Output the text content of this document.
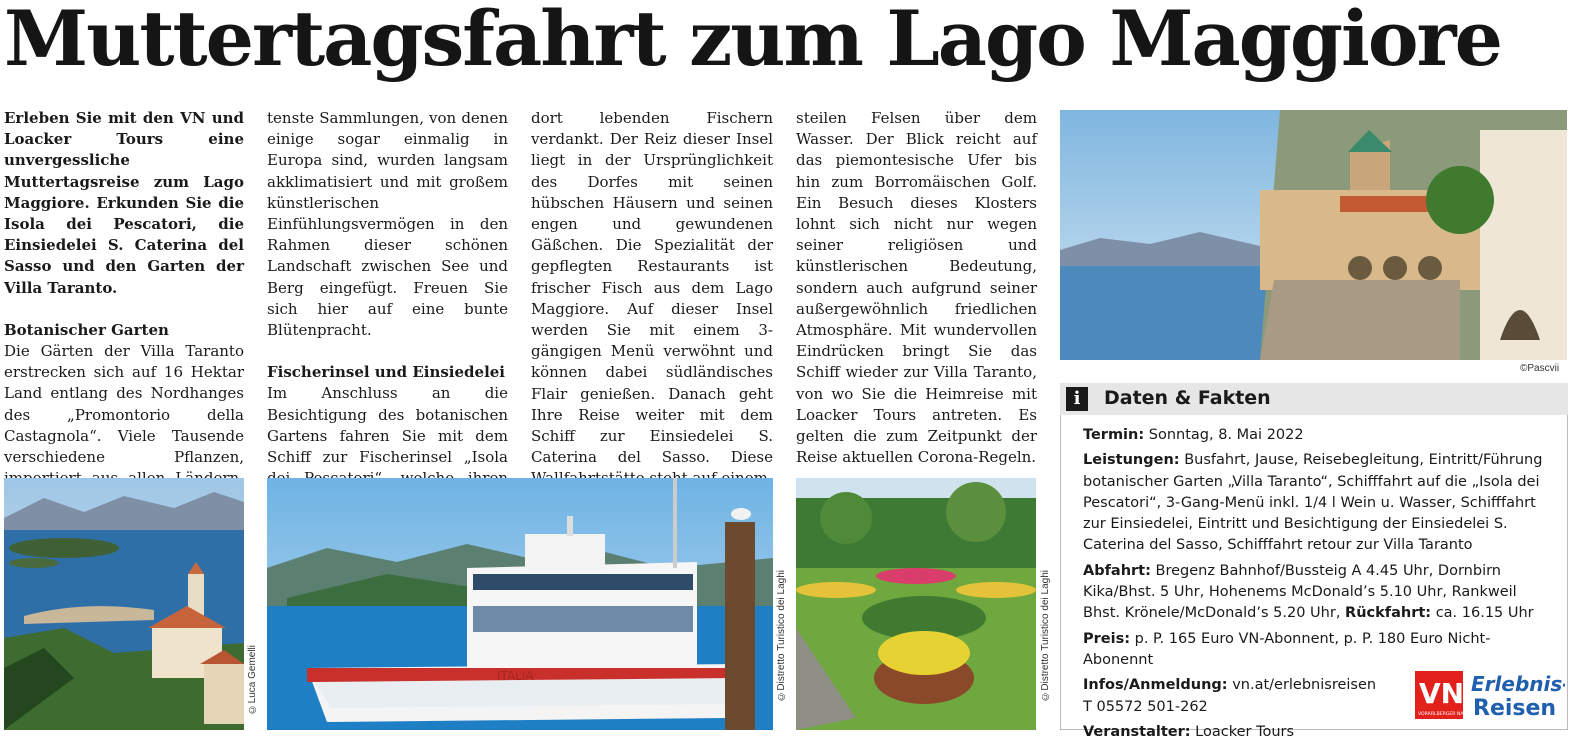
Muttertagsfahrt zum Lago Maggiore

Erleben Sie mit den VN und Loacker Tours eine unvergessliche Muttertagsreise zum Lago Maggiore. Erkunden Sie die Isola dei Pescatori, die Einsiedelei S. Caterina del Sasso und den Garten der Villa Taranto.

Botanischer Garten

Die Gärten der Villa Taranto erstrecken sich auf 16 Hektar Land entlang des Nordhanges des „Promontorio della Castagnola“. Viele Tausende verschiedene Pflanzen,

tenste Sammlungen, von denen einige sogar einmalig in Europa sind, wurden langsam akklimatisiert und mit großem künstlerischen Einfühlungsvermögen in den Rahmen dieser schönen Landschaft zwischen See und Berg eingefügt. Freuen Sie sich hier auf eine bunte Blütenpracht.

Fischerinsel und Einsiedelei

Im Anschluss an die Besichtigung des botanischen Gartens fahren Sie mit dem Schiff zur Fischerinsel „Isola

dort lebenden Fischern verdankt. Der Reiz dieser Insel liegt in der Ursprünglichkeit des Dorfes mit seinen hübschen Häusern und seinen engen und gewundenen Gäßchen. Die Spezialität der gepflegten Restaurants ist frischer Fisch aus dem Lago Maggiore. Auf dieser Insel werden Sie mit einem 3-gängigen Menü verwöhnt und können dabei südländisches Flair genießen. Danach geht Ihre Reise weiter mit dem Schiff zur Einsiedelei S. Caterina del Sasso. Diese

steilen Felsen über dem Wasser. Der Blick reicht auf das piemontesische Ufer bis hin zum Borromäischen Golf. Ein Besuch dieses Klosters lohnt sich nicht nur wegen seiner religiösen und künstlerischen Bedeutung, sondern auch aufgrund seiner außergewöhnlich friedlichen Atmosphäre. Mit wundervollen Eindrücken bringt Sie das Schiff wieder zur Villa Taranto, von wo Sie die Heimreise mit Loacker Tours antreten. Es gelten die zum Zeitpunkt der Reise aktuellen Corona-Regeln.

©Luca Gemelli	ITALIA	©Distretto Turistico dei Laghi	©Distretto Turistico dei Laghi
©Pascvii
i	Daten & Fakten

Termin: Sonntag, 8. Mai 2022

Leistungen: Busfahrt, Jause, Reisebegleitung, Eintritt/Führung botanischer Garten „Villa Taranto“, Schifffahrt auf die „Isola dei Pescatori“, 3-Gang-Menü inkl. 1/4 l Wein u. Wasser, Schifffahrt zur Einsiedelei, Eintritt und Besichtigung der Einsiedelei S. Caterina del Sasso, Schifffahrt retour zur Villa Taranto

Abfahrt: Bregenz Bahnhof/Bussteig A 4.45 Uhr, Dornbirn Kika/Bhst. 5 Uhr, Hohenems McDonald’s 5.10 Uhr, Rankweil Bhst. Krönele/McDonald’s 5.20 Uhr, Rückfahrt: ca. 16.15 Uhr

Preis: p. P. 165 Euro VN-Abonnent, p. P. 180 Euro Nicht-Abonennt

Infos/Anmeldung: vn.at/erlebnisreisen
T 05572 501-262

Veranstalter: Loacker Tours

VN
VORARLBERGER NACHRICHTEN
Erlebnis-
Reisen
